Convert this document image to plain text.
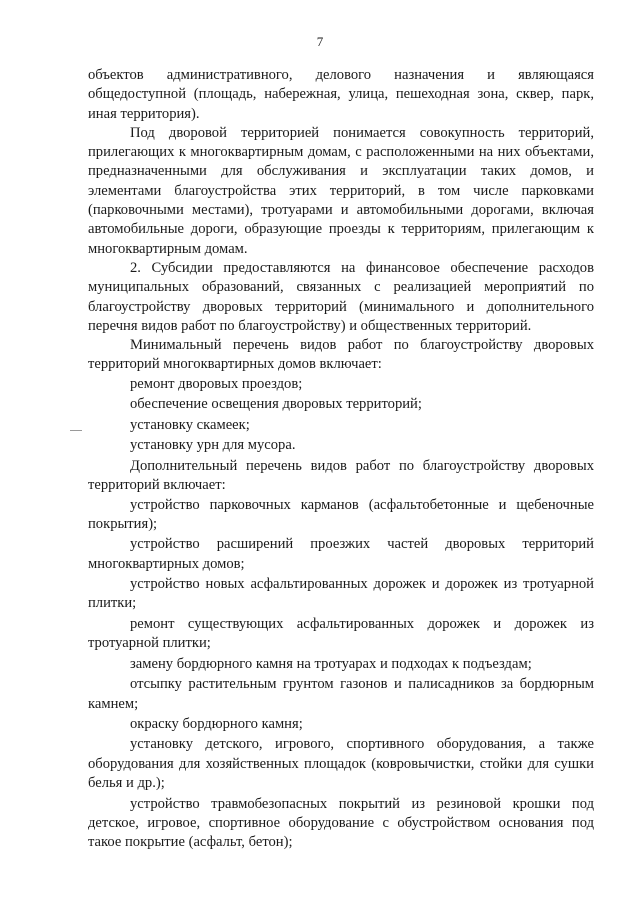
7

объектов административного, делового назначения и являющаяся общедоступной (площадь, набережная, улица, пешеходная зона, сквер, парк, иная территория).

Под дворовой территорией понимается совокупность территорий, прилегающих к многоквартирным домам, с расположенными на них объектами, предназначенными для обслуживания и эксплуатации таких домов, и элементами благоустройства этих территорий, в том числе парковками (парковочными местами), тротуарами и автомобильными дорогами, включая автомобильные дороги, образующие проезды к территориям, прилегающим к многоквартирным домам.

2. Субсидии предоставляются на финансовое обеспечение расходов муниципальных образований, связанных с реализацией мероприятий по благоустройству дворовых территорий (минимального и дополнительного перечня видов работ по благоустройству) и общественных территорий.

Минимальный перечень видов работ по благоустройству дворовых территорий многоквартирных домов включает:

ремонт дворовых проездов;

обеспечение освещения дворовых территорий;

установку скамеек;

установку урн для мусора.

Дополнительный перечень видов работ по благоустройству дворовых территорий включает:

устройство парковочных карманов (асфальтобетонные и щебеночные покрытия);

устройство расширений проезжих частей дворовых территорий многоквартирных домов;

устройство новых асфальтированных дорожек и дорожек из тротуарной плитки;

ремонт существующих асфальтированных дорожек и дорожек из тротуарной плитки;

замену бордюрного камня на тротуарах и подходах к подъездам;

отсыпку растительным грунтом газонов и палисадников за бордюрным камнем;

окраску бордюрного камня;

установку детского, игрового, спортивного оборудования, а также оборудования для хозяйственных площадок (ковровычистки, стойки для сушки белья и др.);

устройство травмобезопасных покрытий из резиновой крошки под детское, игровое, спортивное оборудование с обустройством основания под такое покрытие (асфальт, бетон);
